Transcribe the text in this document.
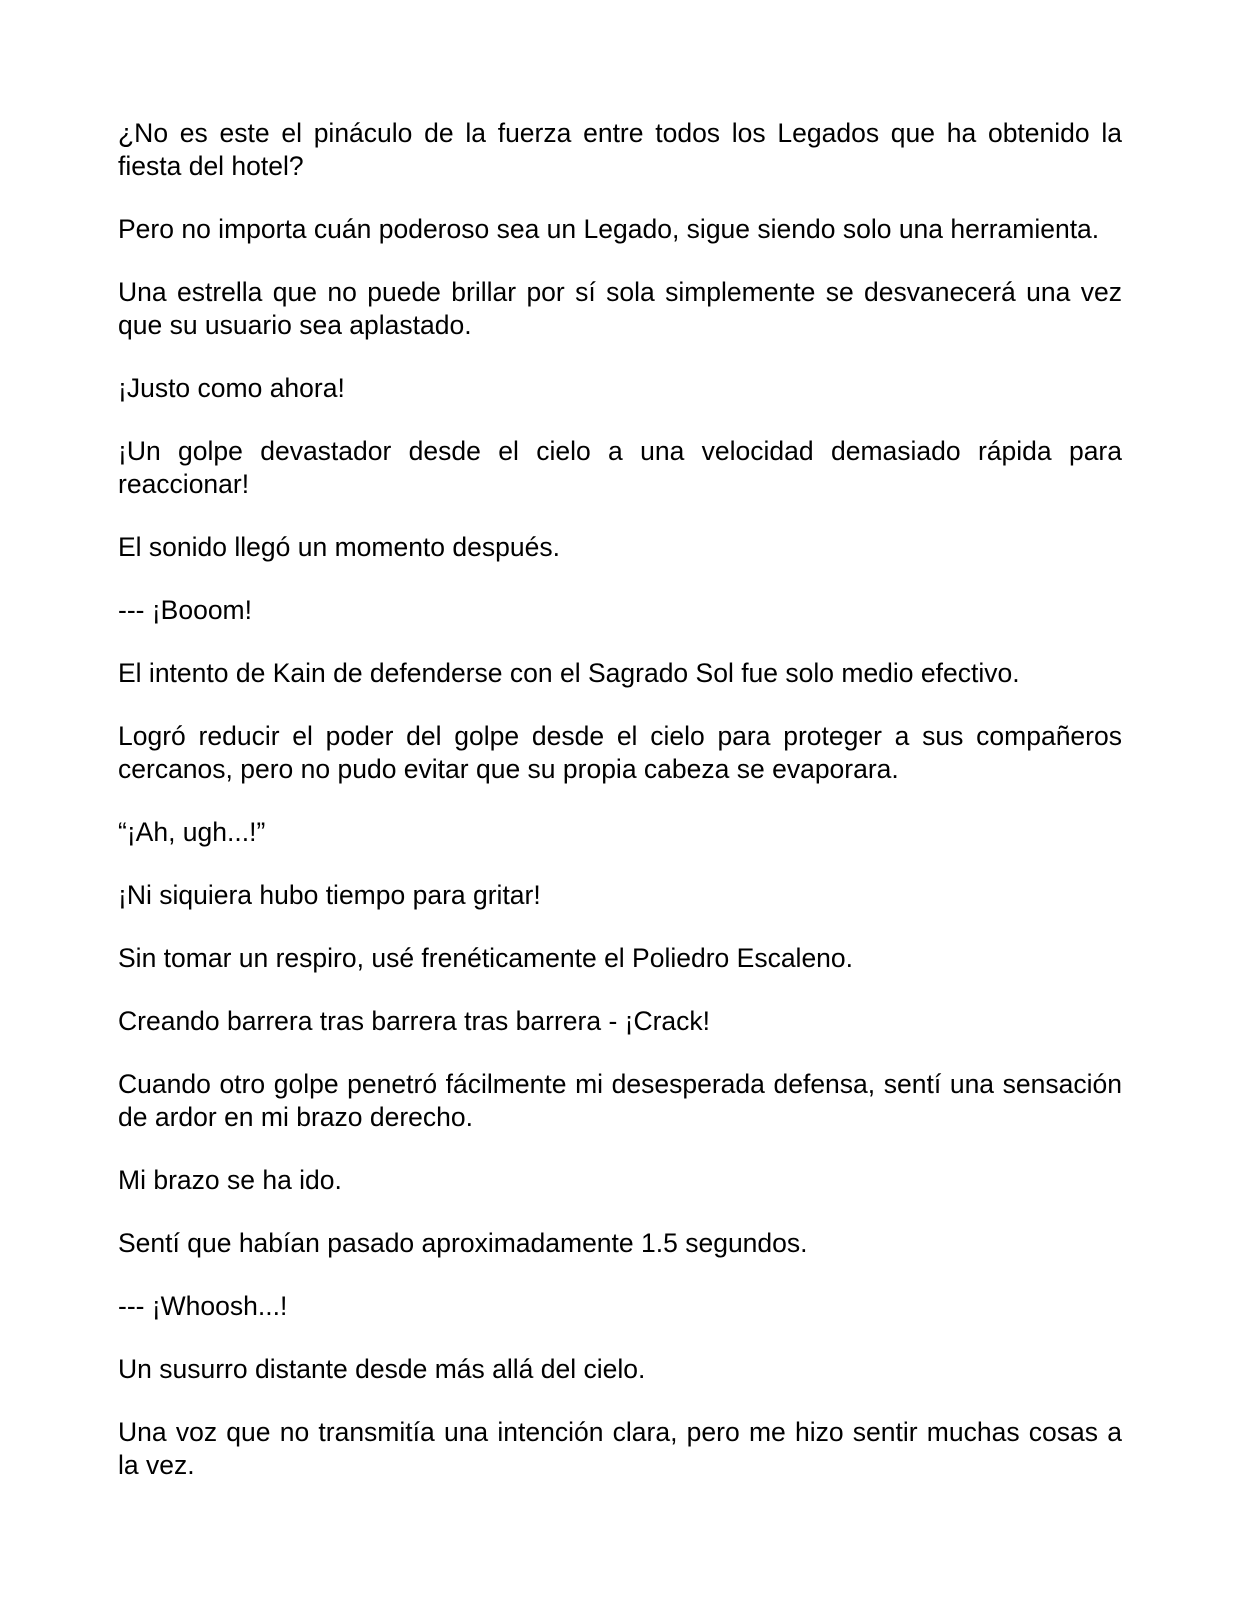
¿No es este el pináculo de la fuerza entre todos los Legados que ha obtenido la fiesta del hotel?

Pero no importa cuán poderoso sea un Legado, sigue siendo solo una herramienta.

Una estrella que no puede brillar por sí sola simplemente se desvanecerá una vez que su usuario sea aplastado.

¡Justo como ahora!

¡Un golpe devastador desde el cielo a una velocidad demasiado rápida para reaccionar!

El sonido llegó un momento después.

--- ¡Booom!

El intento de Kain de defenderse con el Sagrado Sol fue solo medio efectivo.

Logró reducir el poder del golpe desde el cielo para proteger a sus compañeros cercanos, pero no pudo evitar que su propia cabeza se evaporara.

“¡Ah, ugh...!”

¡Ni siquiera hubo tiempo para gritar!

Sin tomar un respiro, usé frenéticamente el Poliedro Escaleno.

Creando barrera tras barrera tras barrera - ¡Crack!

Cuando otro golpe penetró fácilmente mi desesperada defensa, sentí una sensación de ardor en mi brazo derecho.

Mi brazo se ha ido.

Sentí que habían pasado aproximadamente 1.5 segundos.

--- ¡Whoosh...!

Un susurro distante desde más allá del cielo.

Una voz que no transmitía una intención clara, pero me hizo sentir muchas cosas a la vez.
